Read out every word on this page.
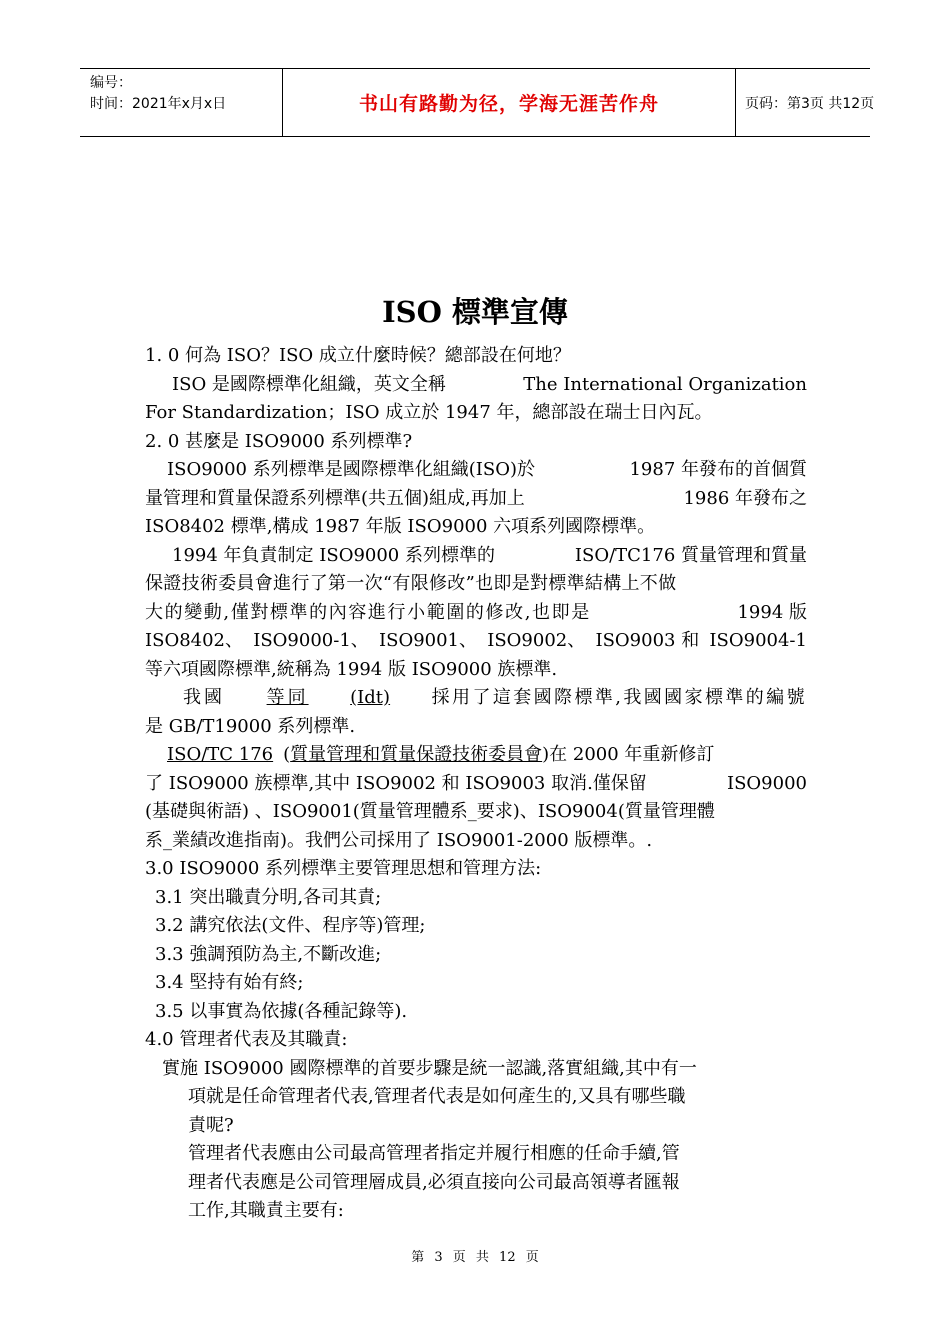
编号：
时间：2021年x月x日	书山有路勤为径，学海无涯苦作舟	页码：第3页 共12页
ISO 標準宣傳
1. 0 何為 ISO？ISO 成立什麼時候？總部設在何地？
ISO 是國際標準化組織，英文全稱	The International Organization
For Standardization；ISO 成立於 1947 年，總部設在瑞士日內瓦。
2. 0 甚麼是 ISO9000 系列標準?
ISO9000 系列標準是國際標準化組織(ISO)於	1987 年發布的首個質
量管理和質量保證系列標準(共五個)組成,再加上	1986 年發布之
ISO8402 標準,構成 1987 年版 ISO9000 六項系列國際標準。
1994 年負責制定 ISO9000 系列標準的	ISO/TC176 質量管理和質量
保證技術委員會進行了第一次“有限修改”也即是對標準結構上不做
大的變動,僅對標準的內容進行小範圍的修改,也即是	1994 版
ISO8402、 ISO9000-1、 ISO9001、 ISO9002、 ISO9003 和 ISO9004-1
等六項國際標準,統稱為 1994 版 ISO9000 族標準.
我國 等同 (Idt) 採用了這套國際標準,我國國家標準的編號
是 GB/T19000 系列標準.
ISO/TC 176 ( 質量管理和質量保證技術委員會 )在 2000 年重新修訂
了 ISO9000 族標準,其中 ISO9002 和 ISO9003 取消.僅保留	ISO9000
(基礎與術語) 、ISO9001(質量管理體系_要求)、ISO9004(質量管理體
系_業績改進指南)。我們公司採用了 ISO9001-2000 版標準。.
3.0 ISO9000 系列標準主要管理思想和管理方法:
3.1 突出職責分明,各司其責;
3.2 講究依法(文件、程序等)管理;
3.3 強調預防為主,不斷改進;
3.4 堅持有始有終;
3.5 以事實為依據(各種記錄等).
4.0 管理者代表及其職責:
實施 ISO9000 國際標準的首要步驟是統一認識,落實組織,其中有一
項就是任命管理者代表,管理者代表是如何產生的,又具有哪些職
責呢?
管理者代表應由公司最高管理者指定并履行相應的任命手續,管
理者代表應是公司管理層成員,必須直接向公司最高領導者匯報
工作,其職責主要有:
第 3 页 共 12 页
